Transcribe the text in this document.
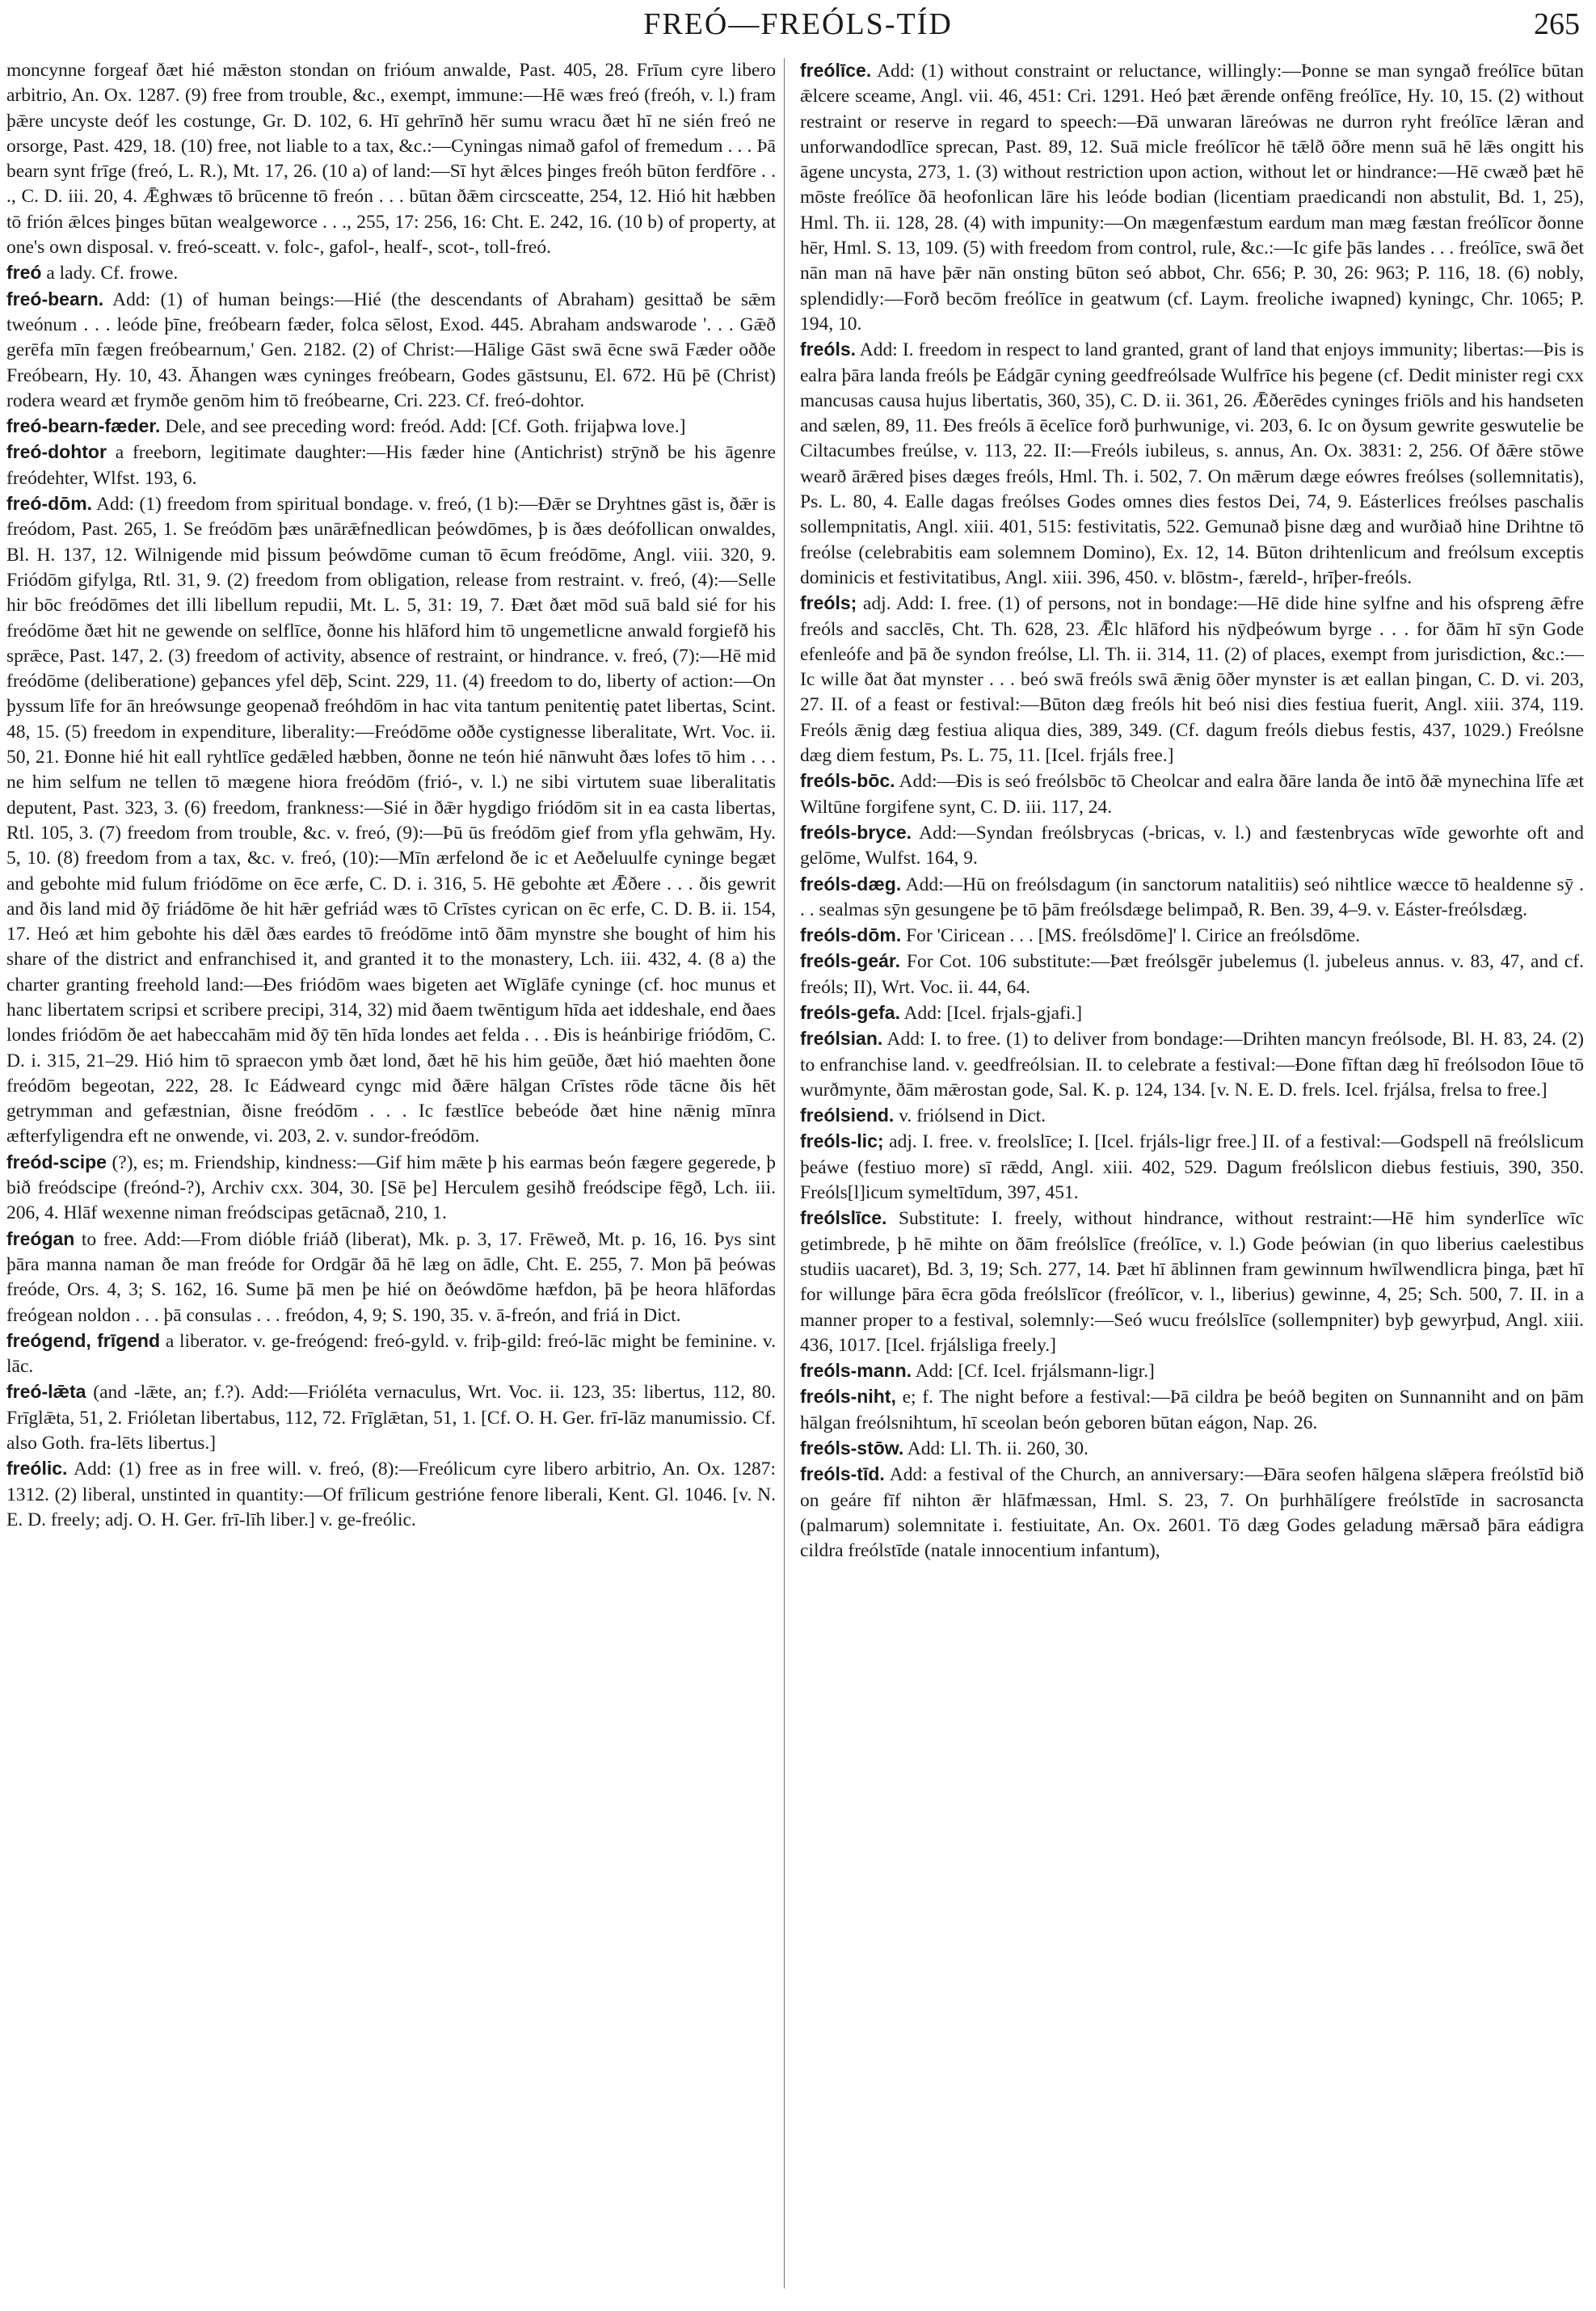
FREÓ—FREÓLS-TÍD	265

moncynne forgeaf ðæt hié mǣston stondan on frióum anwalde, Past. 405, 28. Frīum cyre libero arbitrio, An. Ox. 1287. (9) free from trouble, &c., exempt, immune:—Hē wæs freó (freóh, v. l.) fram þǣre uncyste deóf les costunge, Gr. D. 102, 6. Hī gehrīnð hēr sumu wracu ðæt hī ne sién freó ne orsorge, Past. 429, 18. (10) free, not liable to a tax, &c.:—Cyningas nimað gafol of fremedum . . . Þā bearn synt frīge (freó, L. R.), Mt. 17, 26. (10 a) of land:—Sī hyt ǣlces þinges freóh būton ferdfōre . . ., C. D. iii. 20, 4. Ǣghwæs tō brūcenne tō freón . . . būtan ðǣm circsceatte, 254, 12. Hió hit hæbben tō frión ǣlces þinges būtan wealgeworce . . ., 255, 17: 256, 16: Cht. E. 242, 16. (10 b) of property, at one's own disposal. v. freó-sceatt. v. folc-, gafol-, healf-, scot-, toll-freó.

freó a lady. Cf. frowe.

freó-bearn. Add: (1) of human beings:—Hié (the descendants of Abraham) gesittað be sǣm tweónum . . . leóde þīne, freóbearn fæder, folca sēlost, Exod. 445. Abraham andswarode '. . . Gǣð gerēfa mīn fægen freóbearnum,' Gen. 2182. (2) of Christ:—Hālige Gāst swā ēcne swā Fæder oððe Freóbearn, Hy. 10, 43. Āhangen wæs cyninges freóbearn, Godes gāstsunu, El. 672. Hū þē (Christ) rodera weard æt frymðe genōm him tō freóbearne, Cri. 223. Cf. freó-dohtor.

freó-bearn-fæder. Dele, and see preceding word: freód. Add: [Cf. Goth. frijaþwa love.]

freó-dohtor a freeborn, legitimate daughter:—His fæder hine (Antichrist) strȳnð be his āgenre freódehter, Wlfst. 193, 6.

freó-dōm. Add: (1) freedom from spiritual bondage. v. freó, (1 b):—Ðǣr se Dryhtnes gāst is, ðǣr is freódom, Past. 265, 1. Se freódōm þæs unārǣfnedlican þeówdōmes, þ is ðæs deófollican onwaldes, Bl. H. 137, 12. Wilnigende mid þissum þeówdōme cuman tō ēcum freódōme, Angl. viii. 320, 9. Friódōm gifylga, Rtl. 31, 9. (2) freedom from obligation, release from restraint. v. freó, (4):—Selle hir bōc freódōmes det illi libellum repudii, Mt. L. 5, 31: 19, 7. Ðæt ðæt mōd suā bald sié for his freódōme ðæt hit ne gewende on selflīce, ðonne his hlāford him tō ungemetlicne anwald forgiefð his sprǣce, Past. 147, 2. (3) freedom of activity, absence of restraint, or hindrance. v. freó, (7):—Hē mid freódōme (deliberatione) geþances yfel dēþ, Scint. 229, 11. (4) freedom to do, liberty of action:—On þyssum līfe for ān hreówsunge geopenað freóhdōm in hac vita tantum penitentię patet libertas, Scint. 48, 15. (5) freedom in expenditure, liberality:—Freódōme oððe cystignesse liberalitate, Wrt. Voc. ii. 50, 21. Ðonne hié hit eall ryhtlīce gedǣled hæbben, ðonne ne teón hié nānwuht ðæs lofes tō him . . . ne him selfum ne tellen tō mægene hiora freódōm (frió-, v. l.) ne sibi virtutem suae liberalitatis deputent, Past. 323, 3. (6) freedom, frankness:—Sié in ðǣr hygdigo friódōm sit in ea casta libertas, Rtl. 105, 3. (7) freedom from trouble, &c. v. freó, (9):—Þū ūs freódōm gief from yfla gehwām, Hy. 5, 10. (8) freedom from a tax, &c. v. freó, (10):—Mīn ærfelond ðe ic et Aeðeluulfe cyninge begæt and gebohte mid fulum friódōme on ēce ærfe, C. D. i. 316, 5. Hē gebohte æt Ǣðere . . . ðis gewrit and ðis land mid ðȳ friádōme ðe hit hǣr gefriád wæs tō Crīstes cyrican on ēc erfe, C. D. B. ii. 154, 17. Heó æt him gebohte his dǣl ðæs eardes tō freódōme intō ðām mynstre she bought of him his share of the district and enfranchised it, and granted it to the monastery, Lch. iii. 432, 4. (8 a) the charter granting freehold land:—Ðes friódōm waes bigeten aet Wīglāfe cyninge (cf. hoc munus et hanc libertatem scripsi et scribere precipi, 314, 32) mid ðaem twēntigum hīda aet iddeshale, end ðaes londes friódōm ðe aet habeccahām mid ðȳ tēn hīda londes aet felda . . . Ðis is heánbirige friódōm, C. D. i. 315, 21–29. Hió him tō spraecon ymb ðæt lond, ðæt hē his him geūðe, ðæt hió maehten ðone freódōm begeotan, 222, 28. Ic Eádweard cyngc mid ðǣre hālgan Crīstes rōde tācne ðis hēt getrymman and gefæstnian, ðisne freódōm . . . Ic fæstlīce bebeóde ðæt hine nǣnig mīnra æfterfyligendra eft ne onwende, vi. 203, 2. v. sundor-freódōm.

freód-scipe (?), es; m. Friendship, kindness:—Gif him mǣte þ his earmas beón fægere gegerede, þ bið freódscipe (freónd-?), Archiv cxx. 304, 30. [Sē þe] Herculem gesihð freódscipe fēgð, Lch. iii. 206, 4. Hlāf wexenne niman freódscipas getācnað, 210, 1.

freógan to free. Add:—From dióble friáð (liberat), Mk. p. 3, 17. Frēweð, Mt. p. 16, 16. Þys sint þāra manna naman ðe man freóde for Ordgār ðā hē læg on ādle, Cht. E. 255, 7. Mon þā þeówas freóde, Ors. 4, 3; S. 162, 16. Sume þā men þe hié on ðeówdōme hæfdon, þā þe heora hlāfordas freógean noldon . . . þā consulas . . . freódon, 4, 9; S. 190, 35. v. ā-freón, and friá in Dict.

freógend, frīgend a liberator. v. ge-freógend: freó-gyld. v. friþ-gild: freó-lāc might be feminine. v. lāc.

freó-lǣta (and -lǣte, an; f.?). Add:—Frióléta vernaculus, Wrt. Voc. ii. 123, 35: libertus, 112, 80. Frīglǣta, 51, 2. Frióletan libertabus, 112, 72. Frīglǣtan, 51, 1. [Cf. O. H. Ger. frī-lāz manumissio. Cf. also Goth. fra-lēts libertus.]

freólic. Add: (1) free as in free will. v. freó, (8):—Freólicum cyre libero arbitrio, An. Ox. 1287: 1312. (2) liberal, unstinted in quantity:—Of frīlicum gestrióne fenore liberali, Kent. Gl. 1046. [v. N. E. D. freely; adj. O. H. Ger. frī-līh liber.] v. ge-freólic.

freólīce. Add: (1) without constraint or reluctance, willingly:—Þonne se man syngað freólīce būtan ǣlcere sceame, Angl. vii. 46, 451: Cri. 1291. Heó þæt ǣrende onfēng freólīce, Hy. 10, 15. (2) without restraint or reserve in regard to speech:—Ðā unwaran lāreówas ne durron ryht freólīce lǣran and unforwandodlīce sprecan, Past. 89, 12. Suā micle freólīcor hē tǣlð ōðre menn suā hē lǣs ongitt his āgene uncysta, 273, 1. (3) without restriction upon action, without let or hindrance:—Hē cwæð þæt hē mōste freólīce ðā heofonlican lāre his leóde bodian (licentiam praedicandi non abstulit, Bd. 1, 25), Hml. Th. ii. 128, 28. (4) with impunity:—On mægenfæstum eardum man mæg fæstan freólīcor ðonne hēr, Hml. S. 13, 109. (5) with freedom from control, rule, &c.:—Ic gife þās landes . . . freólīce, swā ðet nān man nā have þǣr nān onsting būton seó abbot, Chr. 656; P. 30, 26: 963; P. 116, 18. (6) nobly, splendidly:—Forð becōm freólīce in geatwum (cf. Laym. freoliche iwapned) kyningc, Chr. 1065; P. 194, 10.

freóls. Add: I. freedom in respect to land granted, grant of land that enjoys immunity; libertas:—Þis is ealra þāra landa freóls þe Eádgār cyning geedfreólsade Wulfrīce his þegene (cf. Dedit minister regi cxx mancusas causa hujus libertatis, 360, 35), C. D. ii. 361, 26. Ǣðerēdes cyninges friōls and his handseten and sælen, 89, 11. Ðes freóls ā ēcelīce forð þurhwunige, vi. 203, 6. Ic on ðysum gewrite geswutelie be Ciltacumbes freúlse, v. 113, 22. II:—Freóls iubileus, s. annus, An. Ox. 3831: 2, 256. Of ðǣre stōwe wearð ārǣred þises dæges freóls, Hml. Th. i. 502, 7. On mǣrum dæge eówres freólses (sollemnitatis), Ps. L. 80, 4. Ealle dagas freólses Godes omnes dies festos Dei, 74, 9. Eásterlices freólses paschalis sollempnitatis, Angl. xiii. 401, 515: festivitatis, 522. Gemunað þisne dæg and wurðiað hine Drihtne tō freólse (celebrabitis eam solemnem Domino), Ex. 12, 14. Būton drihtenlicum and freólsum exceptis dominicis et festivitatibus, Angl. xiii. 396, 450. v. blōstm-, færeld-, hrīþer-freóls.

freóls; adj. Add: I. free. (1) of persons, not in bondage:—Hē dide hine sylfne and his ofspreng ǣfre freóls and sacclēs, Cht. Th. 628, 23. Ǣlc hlāford his nȳdþeówum byrge . . . for ðām hī sȳn Gode efenleófe and þā ðe syndon freólse, Ll. Th. ii. 314, 11. (2) of places, exempt from jurisdiction, &c.:—Ic wille ðat ðat mynster . . . beó swā freóls swā ǣnig ōðer mynster is æt eallan þingan, C. D. vi. 203, 27. II. of a feast or festival:—Būton dæg freóls hit beó nisi dies festiua fuerit, Angl. xiii. 374, 119. Freóls ǣnig dæg festiua aliqua dies, 389, 349. (Cf. dagum freóls diebus festis, 437, 1029.) Freólsne dæg diem festum, Ps. L. 75, 11. [Icel. frjáls free.]

freóls-bōc. Add:—Ðis is seó freólsbōc tō Cheolcar and ealra ðāre landa ðe intō ðǣ mynechina līfe æt Wiltūne forgifene synt, C. D. iii. 117, 24.

freóls-bryce. Add:—Syndan freólsbrycas (-bricas, v. l.) and fæstenbrycas wīde geworhte oft and gelōme, Wulfst. 164, 9.

freóls-dæg. Add:—Hū on freólsdagum (in sanctorum natalitiis) seó nihtlice wæcce tō healdenne sȳ . . . sealmas sȳn gesungene þe tō þām freólsdæge belimpað, R. Ben. 39, 4–9. v. Eáster-freólsdæg.

freóls-dōm. For 'Ciricean . . . [MS. freólsdōme]' l. Cirice an freólsdōme.

freóls-geár. For Cot. 106 substitute:—Þæt freólsgēr jubelemus (l. jubeleus annus. v. 83, 47, and cf. freóls; II), Wrt. Voc. ii. 44, 64.

freóls-gefa. Add: [Icel. frjals-gjafi.]

freólsian. Add: I. to free. (1) to deliver from bondage:—Drihten mancyn freólsode, Bl. H. 83, 24. (2) to enfranchise land. v. geedfreólsian. II. to celebrate a festival:—Ðone fīftan dæg hī freólsodon Iōue tō wurðmynte, ðām mǣrostan gode, Sal. K. p. 124, 134. [v. N. E. D. frels. Icel. frjálsa, frelsa to free.]

freólsiend. v. friólsend in Dict.

freóls-lic; adj. I. free. v. freolslīce; I. [Icel. frjáls-ligr free.] II. of a festival:—Godspell nā freólslicum þeáwe (festiuo more) sī rǣdd, Angl. xiii. 402, 529. Dagum freólslicon diebus festiuis, 390, 350. Freóls[l]icum symeltīdum, 397, 451.

freólslīce. Substitute: I. freely, without hindrance, without restraint:—Hē him synderlīce wīc getimbrede, þ hē mihte on ðām freólslīce (freólīce, v. l.) Gode þeówian (in quo liberius caelestibus studiis uacaret), Bd. 3, 19; Sch. 277, 14. Þæt hī āblinnen fram gewinnum hwīlwendlicra þinga, þæt hī for willunge þāra ēcra gōda freólslīcor (freólīcor, v. l., liberius) gewinne, 4, 25; Sch. 500, 7. II. in a manner proper to a festival, solemnly:—Seó wucu freólslīce (sollempniter) byþ gewyrþud, Angl. xiii. 436, 1017. [Icel. frjálsliga freely.]

freóls-mann. Add: [Cf. Icel. frjálsmann-ligr.]

freóls-niht, e; f. The night before a festival:—Þā cildra þe beóð begiten on Sunnanniht and on þām hālgan freólsnihtum, hī sceolan beón geboren būtan eágon, Nap. 26.

freóls-stōw. Add: Ll. Th. ii. 260, 30.

freóls-tīd. Add: a festival of the Church, an anniversary:—Ðāra seofen hālgena slǣpera freólstīd bið on geáre fīf nihton ǣr hlāfmæssan, Hml. S. 23, 7. On þurhhālígere freólstīde in sacrosancta (palmarum) solemnitate i. festiuitate, An. Ox. 2601. Tō dæg Godes geladung mǣrsað þāra eádigra cildra freólstīde (natale innocentium infantum),
